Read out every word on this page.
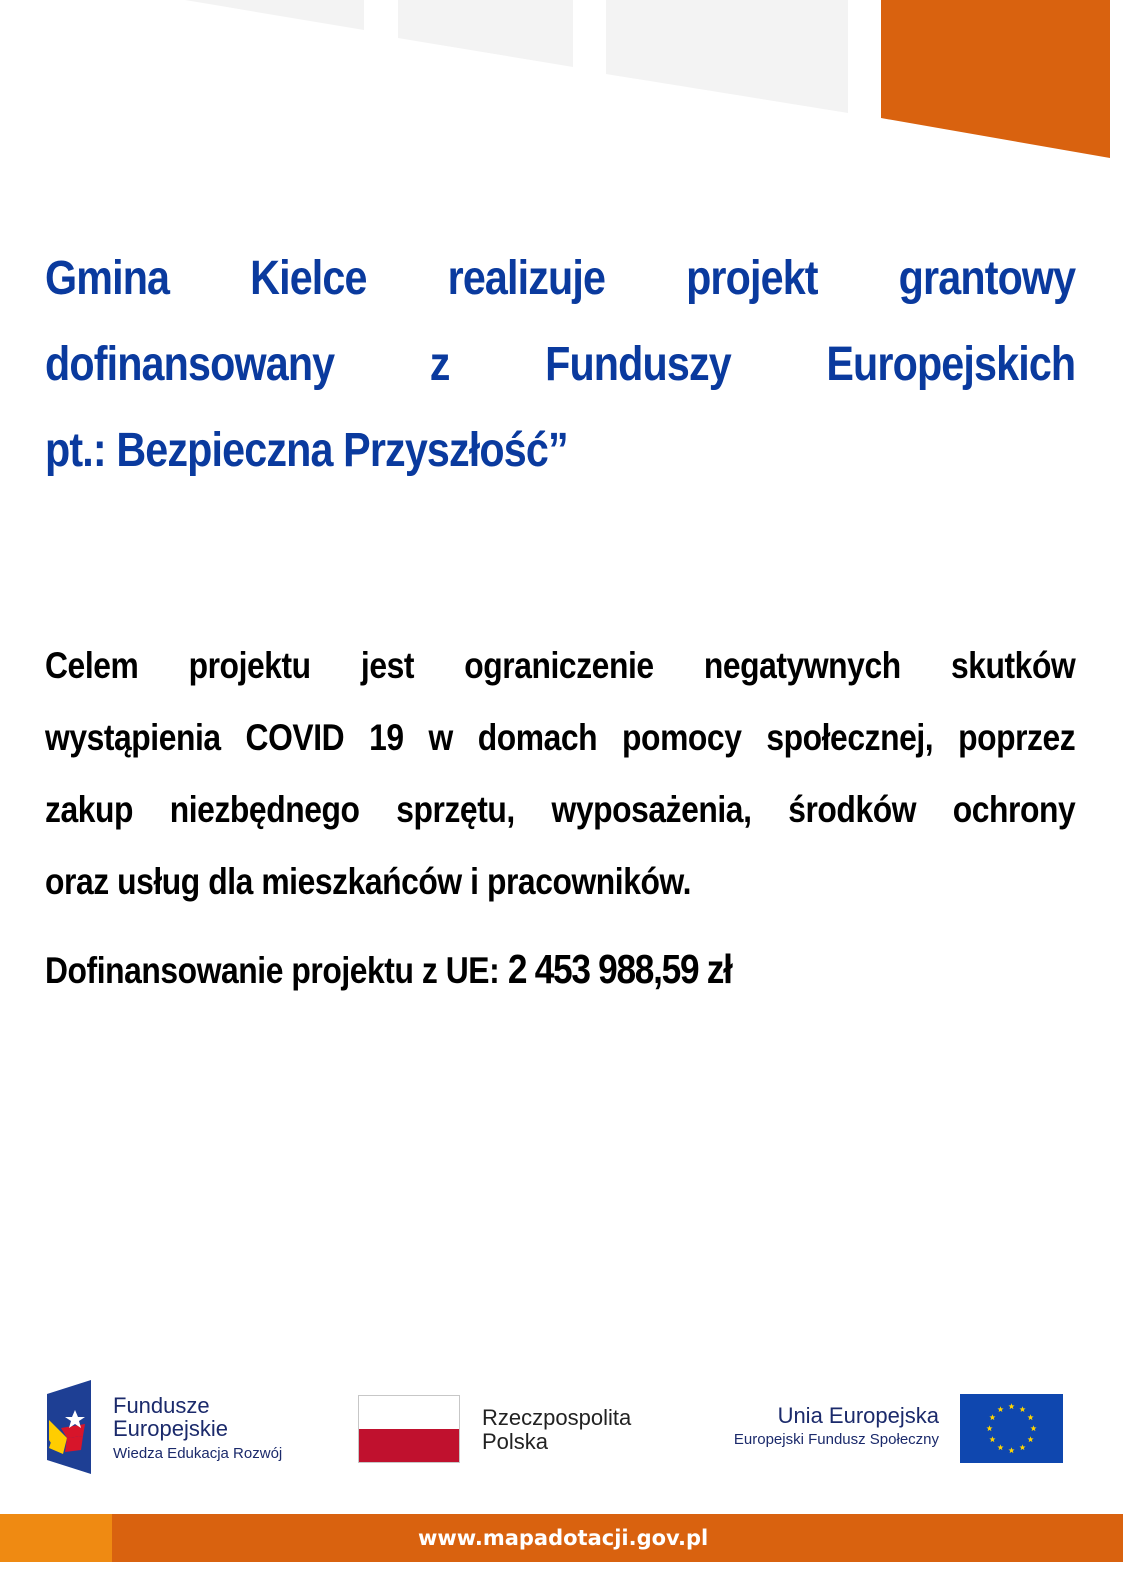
Gmina Kielce realizuje projekt grantowy
dofinansowany z Funduszy Europejskich
pt.: Bezpieczna Przyszłość”
Celem projektu jest ograniczenie negatywnych skutków
wystąpienia COVID 19 w domach pomocy społecznej, poprzez
zakup niezbędnego sprzętu, wyposażenia, środków ochrony
oraz usług dla mieszkańców i pracowników.
Dofinansowanie projektu z UE: 2 453 988,59 zł
Fundusze
Europejskie
Wiedza Edukacja Rozwój
Rzeczpospolita
Polska
Unia Europejska
Europejski Fundusz Społeczny
www.mapadotacji.gov.pl
